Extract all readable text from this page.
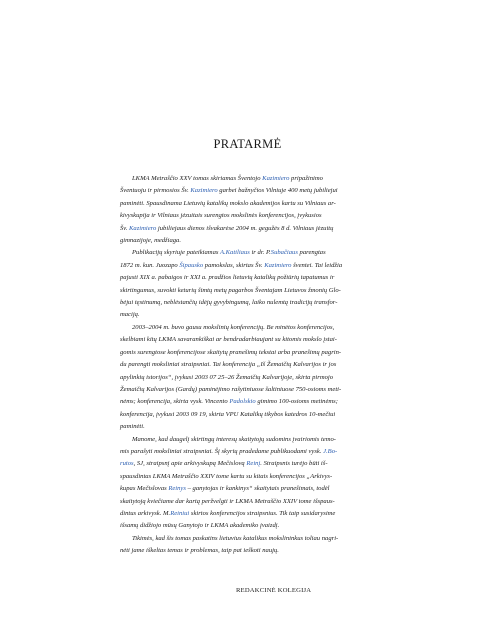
PRATARMĖ
LKMA Metraščio XXV tomas skiriamas Šventojo Kazimiero pripažinimo
Šventuoju ir pirmosios Šv. Kazimiero garbei bažnyčios Vilniuje 400 metų jubiliejui
paminėti. Spausdinama Lietuvių katalikų mokslo akademijos kartu su Vilniaus ar-
kivyskupija ir Vilniaus jėzuitais surengtos mokslinės konferencijos, įvykusios
Šv. Kazimiero jubiliejaus dienos išvakarėse 2004 m. gegužės 8 d. Vilniaus jėzuitų
gimnazijoje, medžiaga.
Publikacijų skyriuje pateikiamas A.Katiliaus ir dr. P.Subačiaus parengtas
1872 m. kun. Juozapo Šipausko pamokslas, skirtas Šv. Kazimiero šventei. Tai leidžia
pajusti XIX a. pabaigos ir XXI a. pradžios lietuvių katalikų požiūrių tapatumus ir
skirtingumus, suvokti keturių šimtų metų pagarbos Šventajam Lietuvos žmonių Glo-
bėjui tęstinumą, neblėstančių idėjų gyvybingumą, laiko nulemtą tradicijų transfor-
maciją.
2003–2004 m. buvo gausu mokslinių konferencijų. Be minėtos konferencijos,
skelbiami kitų LKMA savarankiškai ar bendradarbiaujant su kitomis mokslo įstai-
gomis surengtose konferencijose skaitytų pranešimų tekstai arba pranešimų pagrin-
du parengti moksliniai straipsniai. Tai konferencija „Iš Žemaičių Kalvarijos ir jos
apylinkių istorijos“, įvykusi 2003 07 25–26 Žemaičių Kalvarijoje, skirta pirmojo
Žemaičių Kalvarijos (Gardų) paminėjimo rašytiniuose šaltiniuose 750-osioms meti-
nėms; konferencija, skirta vysk. Vincento Padolskio gimimo 100-osioms metinėms;
konferencija, įvykusi 2003 09 19, skirta VPU Katalikų tikybos katedros 10-mečiui
paminėti.
Manome, kad daugelį skirtingų interesų skaitytojų sudomins įvairiomis temo-
mis parašyti moksliniai straipsniai. Šį skyrių pradedame publikuodami vysk. J.Bo-
rutos, SJ, straipsnį apie arkivyskupą Mečislovą Reinį. Straipsnis turėjo būti iš-
spausdintas LKMA Metraščio XXIV tome kartu su kitais konferencijos „Arkivys-
kupas Mečislovas Reinys – ganytojas ir kankinys“ skaitytais pranešimais, todėl
skaitytoją kviečiame dar kartą peržvelgti ir LKMA Metraščio XXIV tome išspaus-
dintus arkivysk. M.Reiniui skirtos konferencijos straipsnius. Tik taip susidarysime
išsamų didžiojo mūsų Ganytojo ir LKMA akademiko įvaizdį.
Tikimės, kad šis tomas paskatins lietuvius katalikus mokslininkus toliau nagri-
nėti jame iškeltas temas ir problemas, taip pat ieškoti naujų.
REDAKCINĖ KOLEGIJA
